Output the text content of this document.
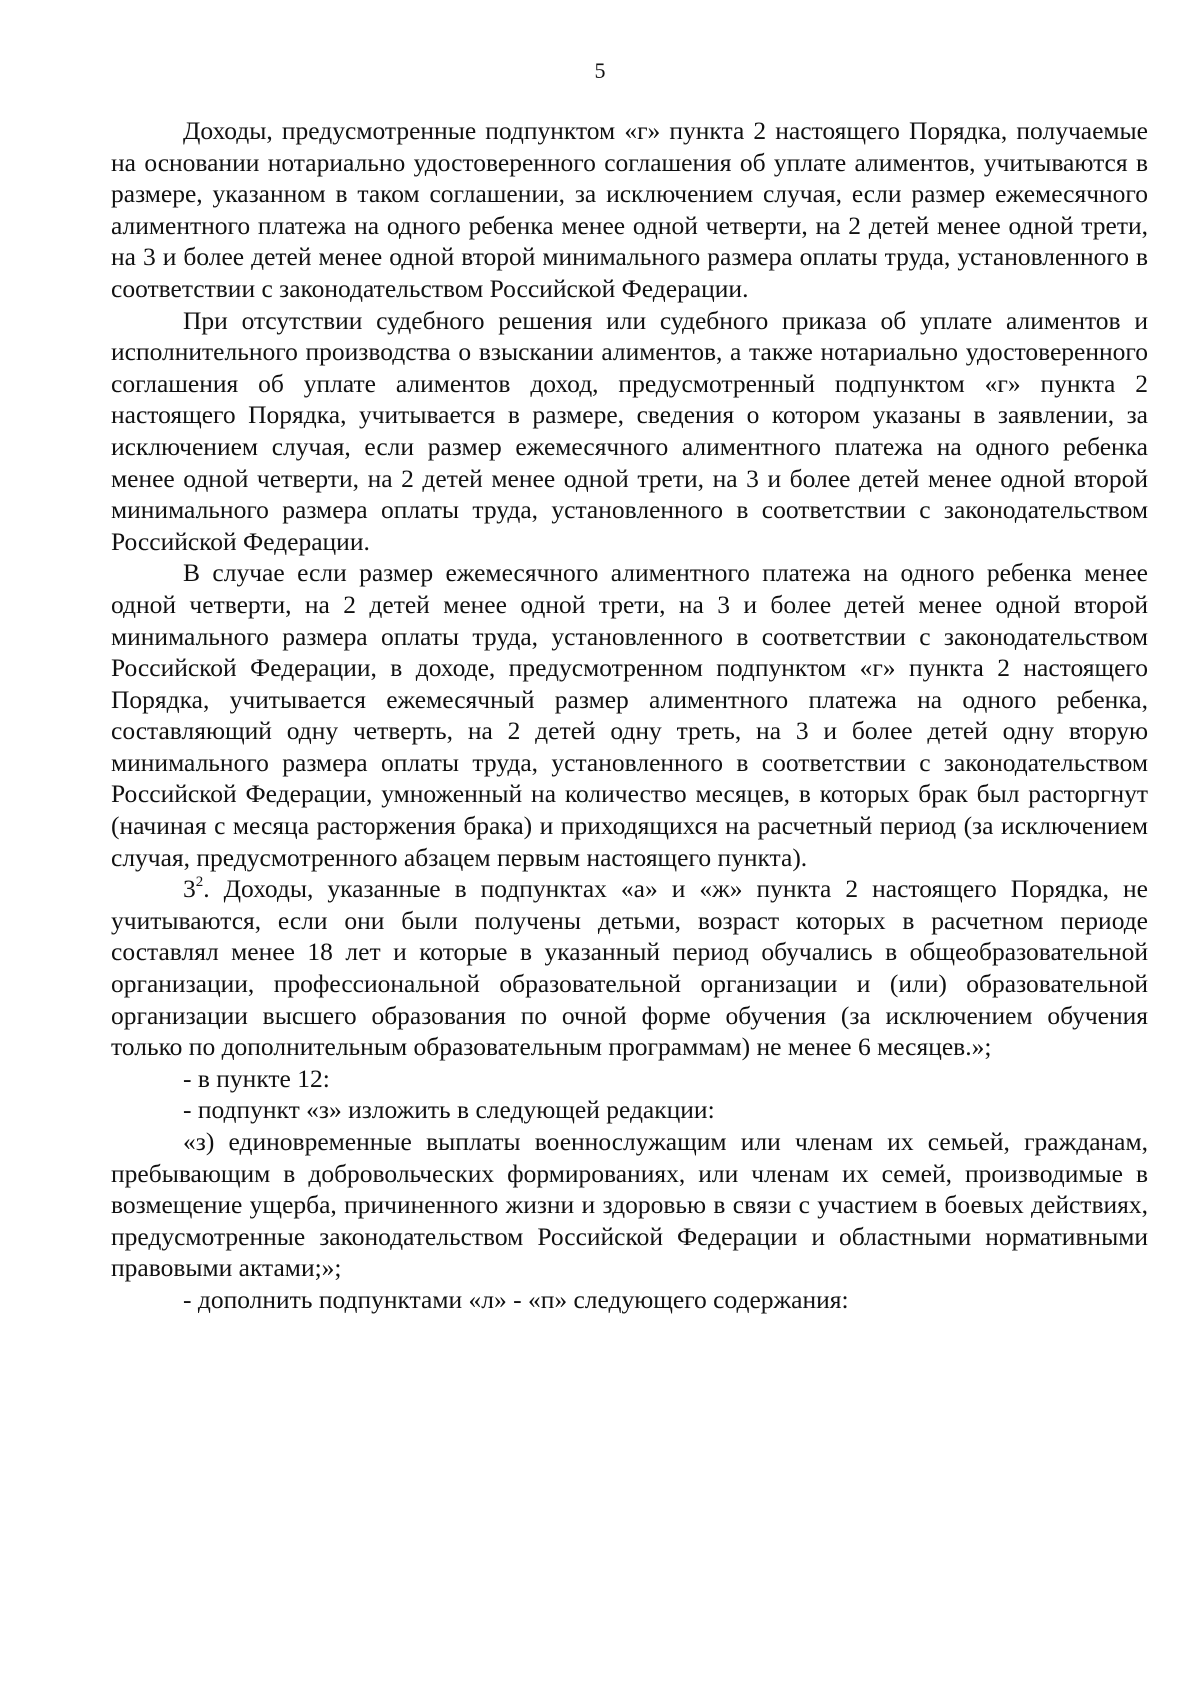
5

Доходы, предусмотренные подпунктом «г» пункта 2 настоящего Порядка, получаемые на основании нотариально удостоверенного соглашения об уплате алиментов, учитываются в размере, указанном в таком соглашении, за исключением случая, если размер ежемесячного алиментного платежа на одного ребенка менее одной четверти, на 2 детей менее одной трети, на 3 и более детей менее одной второй минимального размера оплаты труда, установленного в соответствии с законодательством Российской Федерации.

При отсутствии судебного решения или судебного приказа об уплате алиментов и исполнительного производства о взыскании алиментов, а также нотариально удостоверенного соглашения об уплате алиментов доход, предусмотренный подпунктом «г» пункта 2 настоящего Порядка, учитывается в размере, сведения о котором указаны в заявлении, за исключением случая, если размер ежемесячного алиментного платежа на одного ребенка менее одной четверти, на 2 детей менее одной трети, на 3 и более детей менее одной второй минимального размера оплаты труда, установленного в соответствии с законодательством Российской Федерации.

В случае если размер ежемесячного алиментного платежа на одного ребенка менее одной четверти, на 2 детей менее одной трети, на 3 и более детей менее одной второй минимального размера оплаты труда, установленного в соответствии с законодательством Российской Федерации, в доходе, предусмотренном подпунктом «г» пункта 2 настоящего Порядка, учитывается ежемесячный размер алиментного платежа на одного ребенка, составляющий одну четверть, на 2 детей одну треть, на 3 и более детей одну вторую минимального размера оплаты труда, установленного в соответствии с законодательством Российской Федерации, умноженный на количество месяцев, в которых брак был расторгнут (начиная с месяца расторжения брака) и приходящихся на расчетный период (за исключением случая, предусмотренного абзацем первым настоящего пункта).

$3^2$. Доходы, указанные в подпунктах «а» и «ж» пункта 2 настоящего Порядка, не учитываются, если они были получены детьми, возраст которых в расчетном периоде составлял менее 18 лет и которые в указанный период обучались в общеобразовательной организации, профессиональной образовательной организации и (или) образовательной организации высшего образования по очной форме обучения (за исключением обучения только по дополнительным образовательным программам) не менее 6 месяцев.»;

- в пункте 12:

- подпункт «з» изложить в следующей редакции:

«з) единовременные выплаты военнослужащим или членам их семьей, гражданам, пребывающим в добровольческих формированиях, или членам их семей, производимые в возмещение ущерба, причиненного жизни и здоровью в связи с участием в боевых действиях, предусмотренные законодательством Российской Федерации и областными нормативными правовыми актами;»;

- дополнить подпунктами «л» - «п» следующего содержания:
